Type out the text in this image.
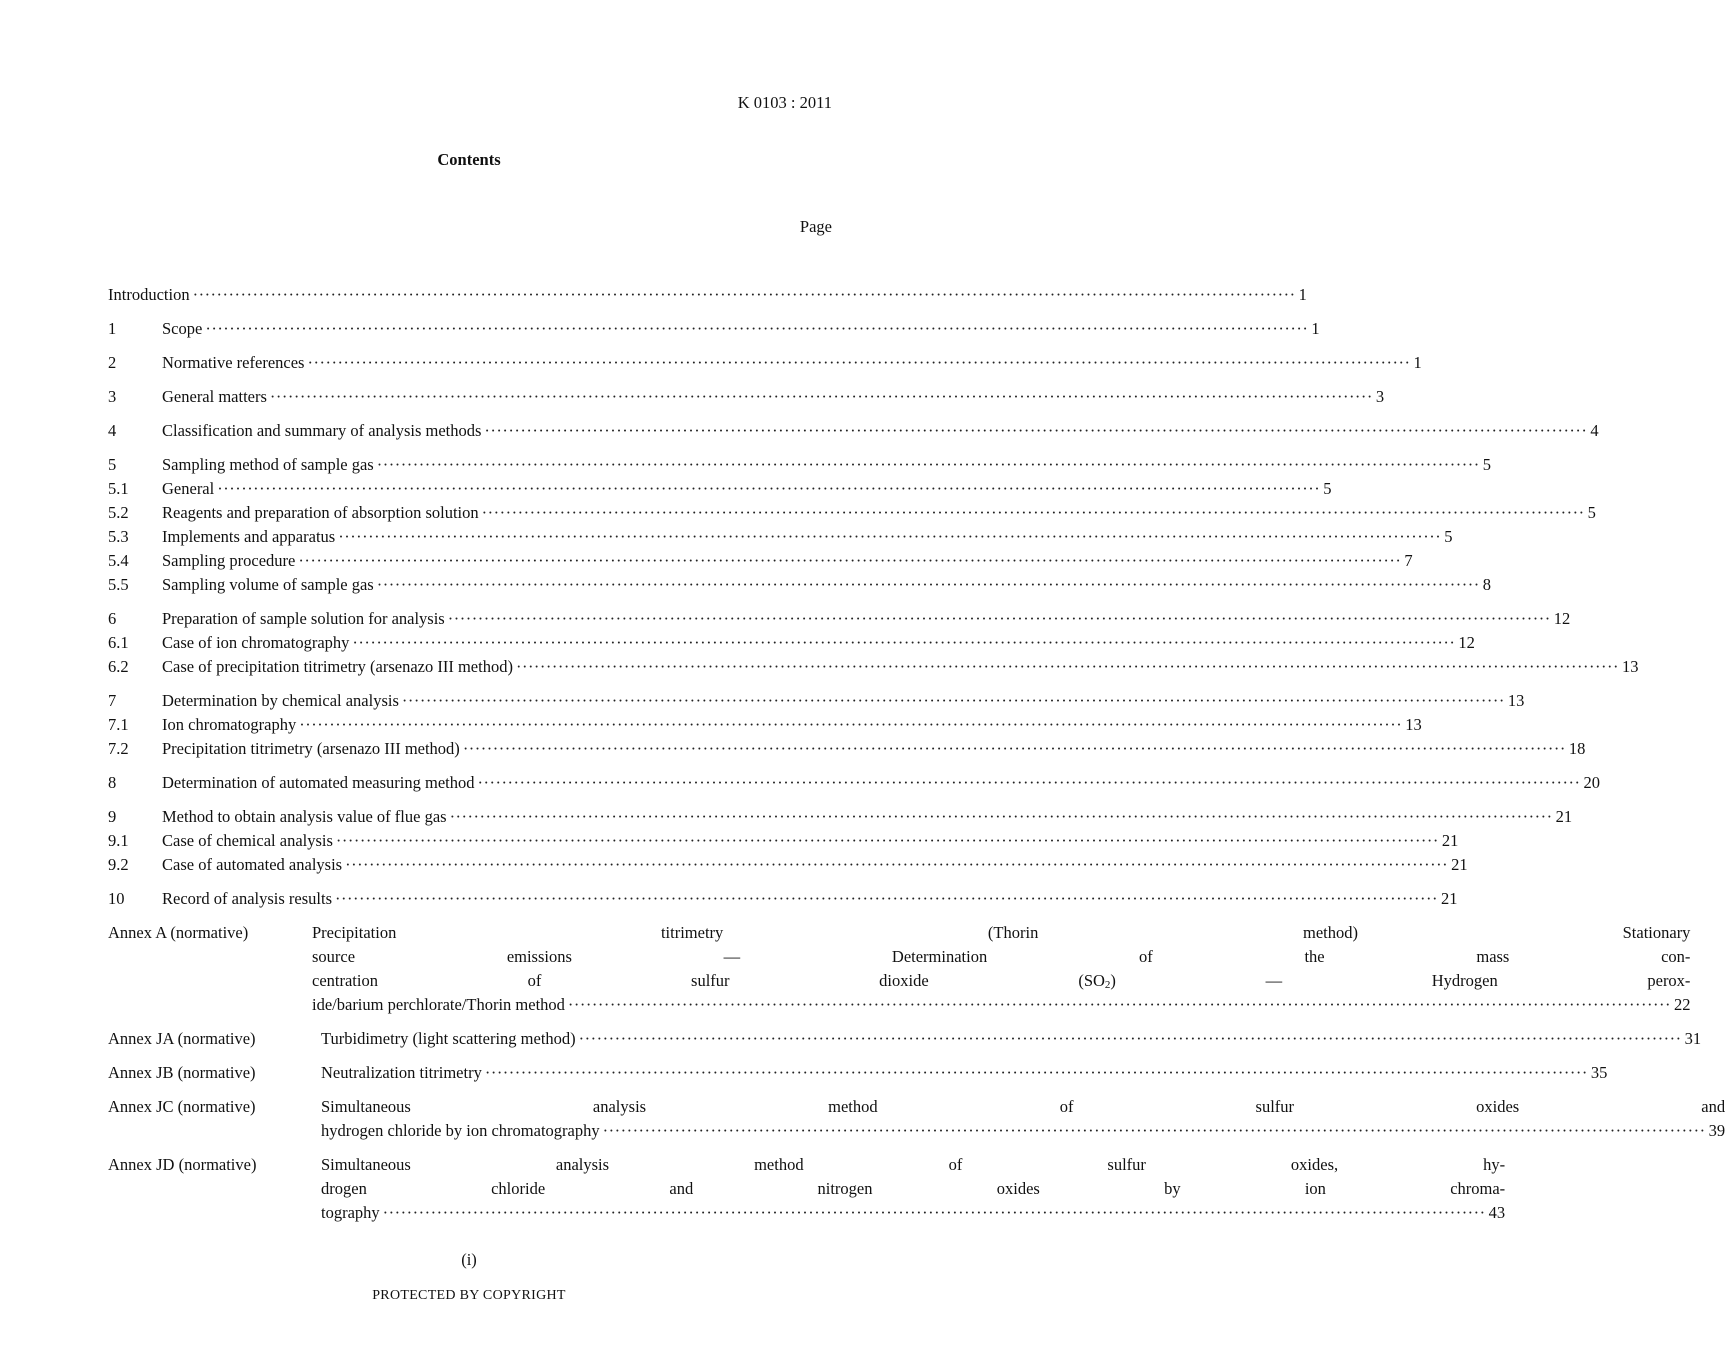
K 0103 : 2011
Contents
Page
Introduction ·····	1
1	Scope ·····	1
2	Normative references ·····	1
3	General matters ·····	3
4	Classification and summary of analysis methods ·····	4
5	Sampling method of sample gas ·····	5
5.1	General ·····	5
5.2	Reagents and preparation of absorption solution ·····	5
5.3	Implements and apparatus ·····	5
5.4	Sampling procedure ·····	7
5.5	Sampling volume of sample gas ·····	8
6	Preparation of sample solution for analysis ·····	12
6.1	Case of ion chromatography ·····	12
6.2	Case of precipitation titrimetry (arsenazo III method) ·····	13
7	Determination by chemical analysis ·····	13
7.1	Ion chromatography ·····	13
7.2	Precipitation titrimetry (arsenazo III method) ·····	18
8	Determination of automated measuring method ·····	20
9	Method to obtain analysis value of flue gas ·····	21
9.1	Case of chemical analysis ·····	21
9.2	Case of automated analysis ·····	21
10	Record of analysis results ·····	21
Annex A (normative)	Precipitation titrimetry (Thorin method) Stationary
source emissions — Determination of the mass con-
centration of sulfur dioxide (SO2) — Hydrogen perox-
ide/barium perchlorate/Thorin method ·····	22
Annex JA (normative)	Turbidimetry (light scattering method) ·····	31
Annex JB (normative)	Neutralization titrimetry ·····	35
Annex JC (normative)	Simultaneous analysis method of sulfur oxides and
hydrogen chloride by ion chromatography ·····	39
Annex JD (normative)	Simultaneous analysis method of sulfur oxides, hy-
drogen chloride and nitrogen oxides by ion chroma-
tography ·····	43
(i)
PROTECTED BY COPYRIGHT
